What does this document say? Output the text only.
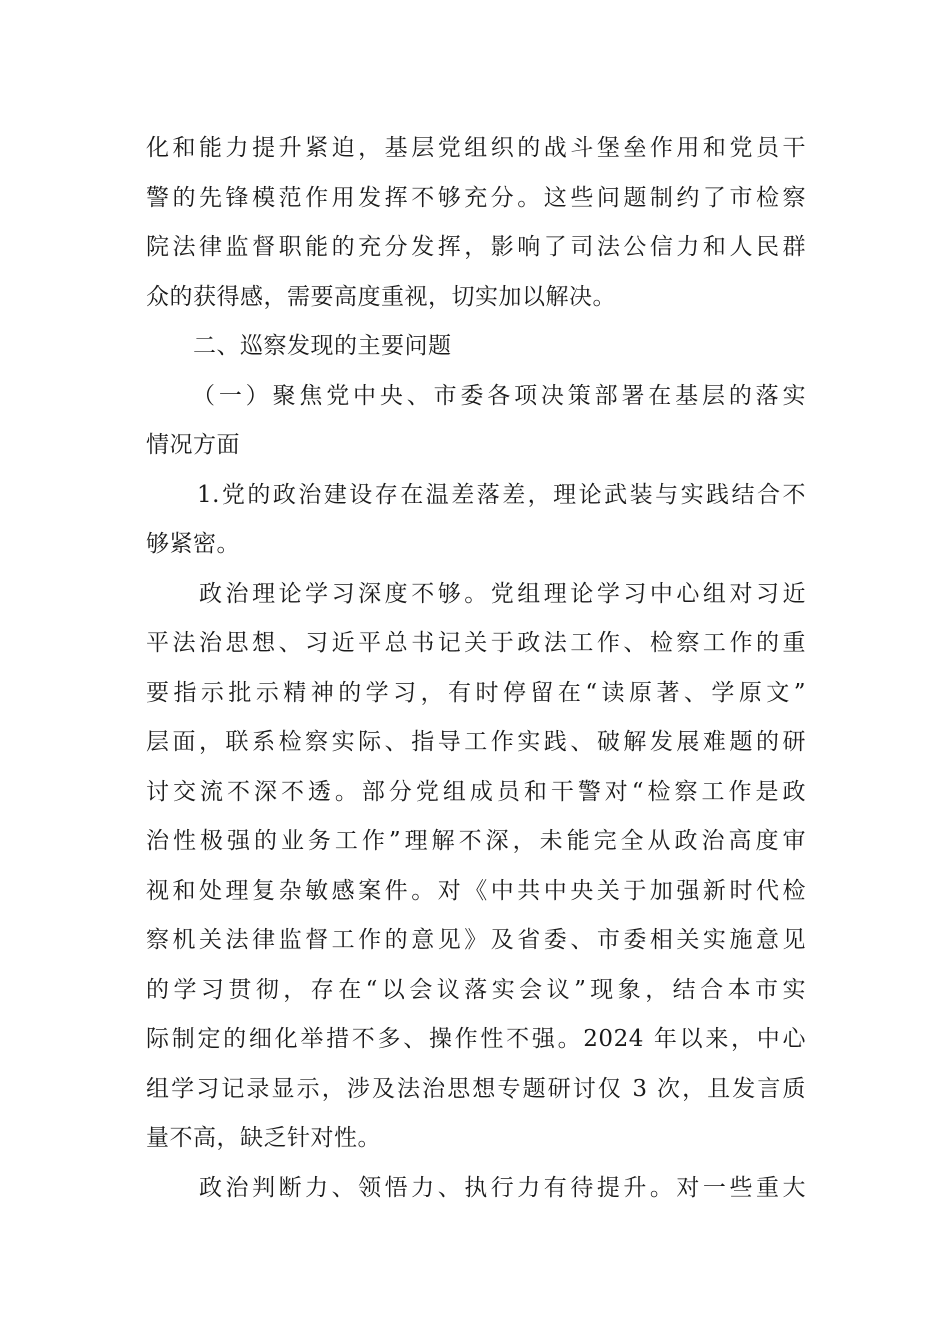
化和能力提升紧迫，基层党组织的战斗堡垒作用和党员干
警的先锋模范作用发挥不够充分。这些问题制约了市检察
院法律监督职能的充分发挥，影响了司法公信力和人民群
众的获得感，需要高度重视，切实加以解决。
　　二、巡察发现的主要问题
（一）聚焦党中央、市委各项决策部署在基层的落实
情况方面
　　1.党的政治建设存在温差落差，理论武装与实践结合不
够紧密。
　　政治理论学习深度不够。党组理论学习中心组对习近
平法治思想、习近平总书记关于政法工作、检察工作的重
要指示批示精神的学习，有时停留在“读原著、学原文”
层面，联系检察实际、指导工作实践、破解发展难题的研
讨交流不深不透。部分党组成员和干警对“检察工作是政
治性极强的业务工作”理解不深，未能完全从政治高度审
视和处理复杂敏感案件。对《中共中央关于加强新时代检
察机关法律监督工作的意见》及省委、市委相关实施意见
的学习贯彻，存在“以会议落实会议”现象，结合本市实
际制定的细化举措不多、操作性不强。2024 年以来，中心
组学习记录显示，涉及法治思想专题研讨仅 3 次，且发言质
量不高，缺乏针对性。
　　政治判断力、领悟力、执行力有待提升。对一些重大
